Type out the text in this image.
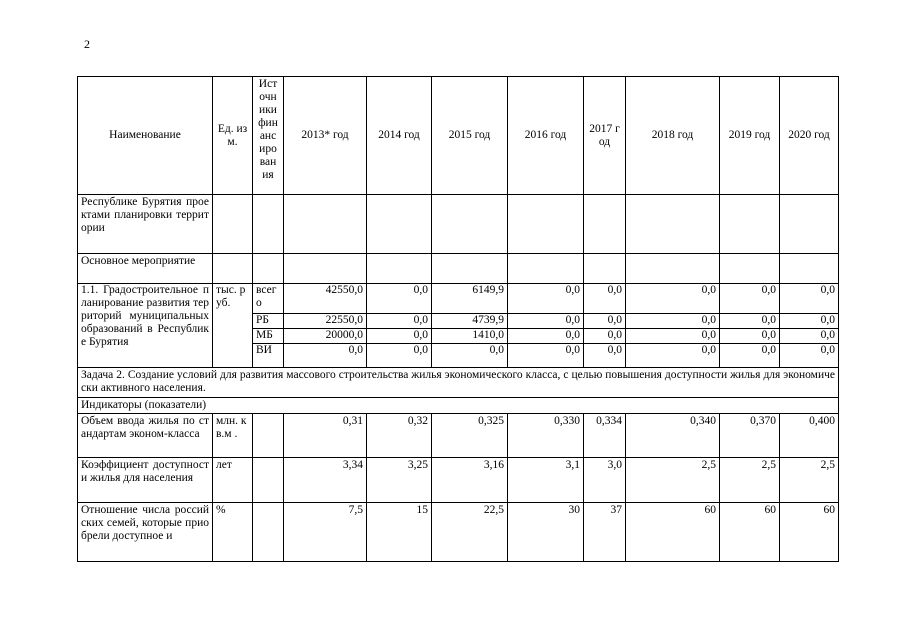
2
Наименование	Ед. изм.	Ист очн ики фин анс иро ван ия	2013* год	2014 год	2015 год	2016 год	2017 год	2018 год	2019 год	2020 год
Республике Бурятия проектами планировки территории										
Основное мероприятие										
1.1. Градостроительное планирование развития территорий муниципальных образований в Республике Бурятия	тыс. руб.	всего	42550,0	0,0	6149,9	0,0	0,0	0,0	0,0	0,0
		РБ	22550,0	0,0	4739,9	0,0	0,0	0,0	0,0	0,0
		МБ	20000,0	0,0	1410,0	0,0	0,0	0,0	0,0	0,0
		ВИ	0,0	0,0	0,0	0,0	0,0	0,0	0,0	0,0
Задача 2. Создание условий для развития массового строительства жилья экономического класса, с целью повышения доступности жилья для экономически активного населения.										
Индикаторы (показатели)										
Объем ввода жилья по стандартам эконом-класса	млн. кв.м .		0,31	0,32	0,325	0,330	0,334	0,340	0,370	0,400
Коэффициент доступности жилья для населения	лет		3,34	3,25	3,16	3,1	3,0	2,5	2,5	2,5
Отношение числа российских семей, которые приобрели доступное и	%		7,5	15	22,5	30	37	60	60	60
